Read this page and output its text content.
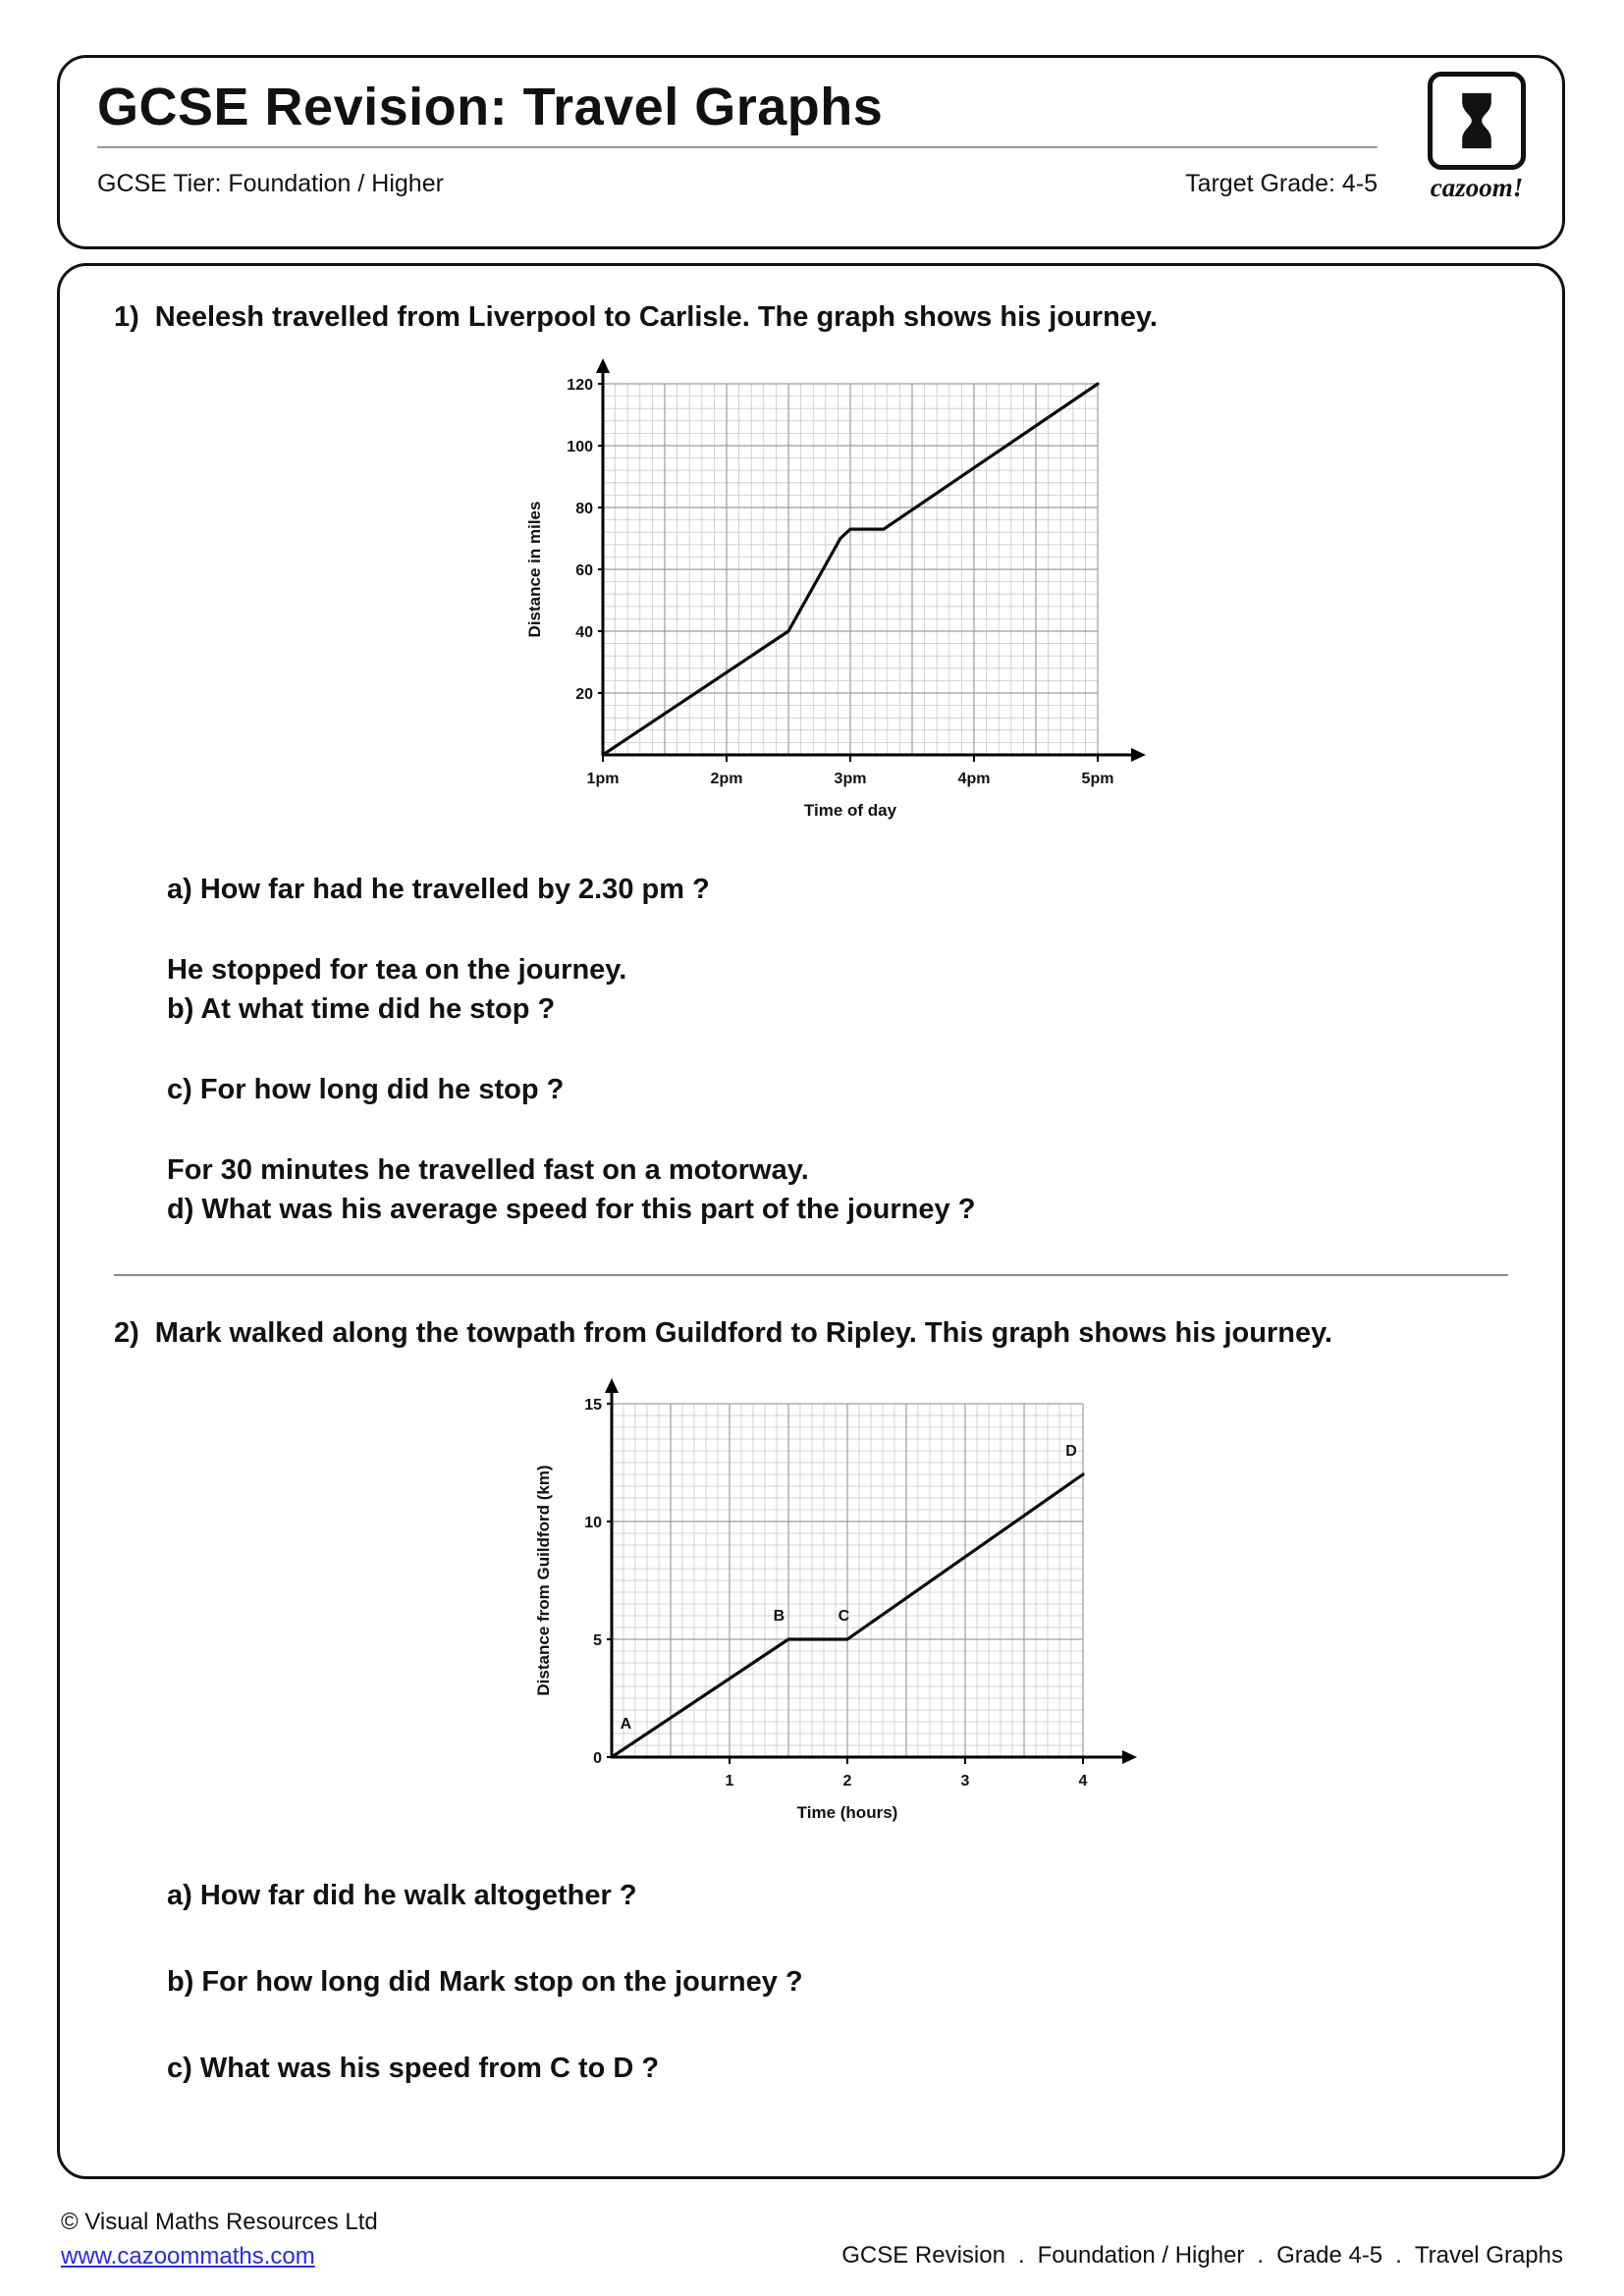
GCSE Revision: Travel Graphs
GCSE Tier: Foundation / Higher	Target Grade: 4-5	cazoom!
1) Neelesh travelled from Liverpool to Carlisle. The graph shows his journey.
20
40
60
80
100
120
1pm	2pm	3pm	4pm	5pm
Distance in miles
Time of day
a) How far had he travelled by 2.30 pm ?
He stopped for tea on the journey.
b) At what time did he stop ?
c) For how long did he stop ?
For 30 minutes he travelled fast on a motorway.
d) What was his average speed for this part of the journey ?
2) Mark walked along the towpath from Guildford to Ripley. This graph shows his journey.
0
5
10
15
1	2	3	4
Distance from Guildford (km)
Time (hours)
A
B	C
D
a) How far did he walk altogether ?
b) For how long did Mark stop on the journey ?
c) What was his speed from C to D ?
© Visual Maths Resources Ltd
www.cazoommaths.com	GCSE Revision . Foundation / Higher . Grade 4-5 . Travel Graphs
